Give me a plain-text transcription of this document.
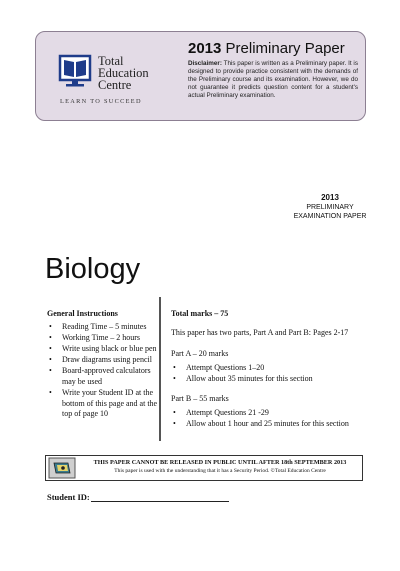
Total
Education
Centre
LEARN TO SUCCEED
2013 Preliminary Paper
Disclaimer: This paper is written as a Preliminary paper. It is designed to provide practice consistent with the demands of the Preliminary course and its examination. However, we do not guarantee it predicts question content for a student's actual Preliminary examination.
2013
PRELIMINARY
EXAMINATION PAPER
Biology
General Instructions
• Reading Time – 5 minutes
• Working Time – 2 hours
• Write using black or blue pen
• Draw diagrams using pencil
• Board-approved calculators may be used
• Write your Student ID at the bottom of this page and at the top of page 10
Total marks – 75
This paper has two parts, Part A and Part B: Pages 2-17
Part A – 20 marks
• Attempt Questions 1–20
• Allow about 35 minutes for this section
Part B – 55 marks
• Attempt Questions 21 -29
• Allow about 1 hour and 25 minutes for this section
THIS PAPER CANNOT BE RELEASED IN PUBLIC UNTIL AFTER 18th SEPTEMBER 2013
This paper is used with the understanding that it has a Security Period. ©Total Education Centre
Student ID:
